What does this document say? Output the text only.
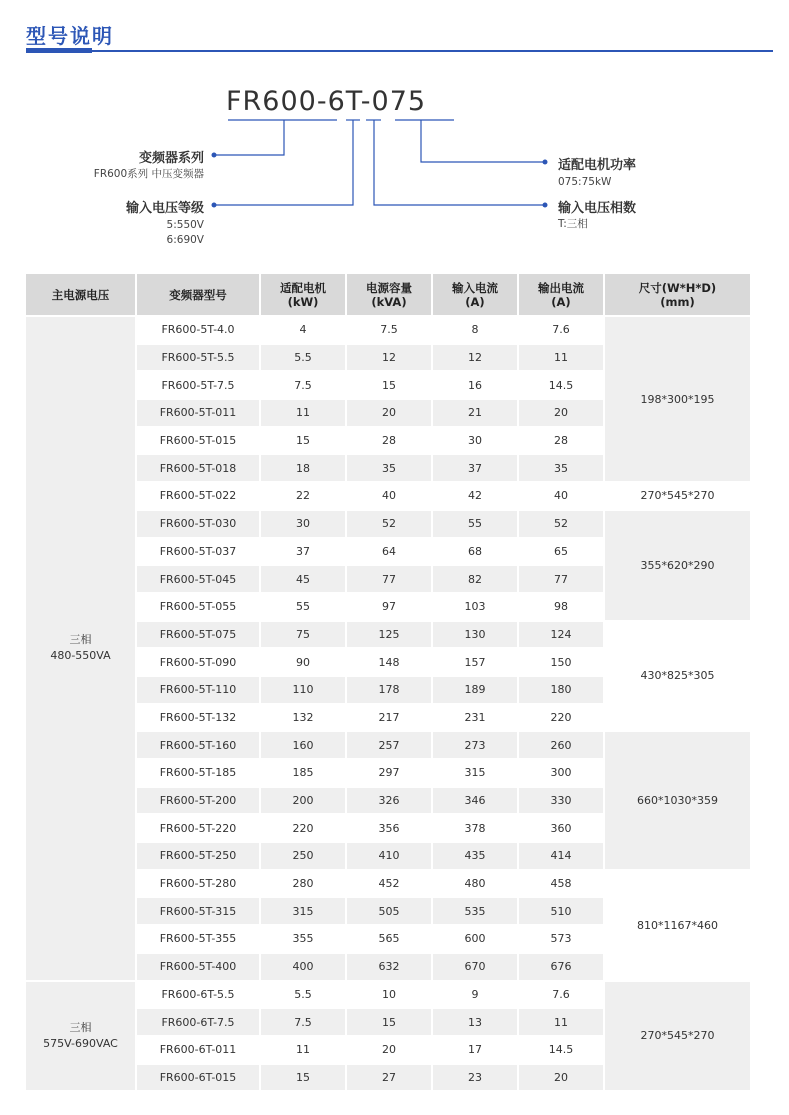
型号说明
FR600-6T-075
变频器系列
FR600系列 中压变频器
输入电压等级
5:550V
6:690V
适配电机功率
075:75kW
输入电压相数
T:三相
主电源电压	变频器型号	适配电机
(kW)	电源容量
(kVA)	输入电流
(A)	输出电流
(A)	尺寸(W*H*D)
(mm)
三相
480-550VA	FR600-5T-4.0	4	7.5	8	7.6	198*300*195
	FR600-5T-5.5	5.5	12	12	11	
	FR600-5T-7.5	7.5	15	16	14.5	
	FR600-5T-011	11	20	21	20	
	FR600-5T-015	15	28	30	28	
	FR600-5T-018	18	35	37	35	
	FR600-5T-022	22	40	42	40	270*545*270
	FR600-5T-030	30	52	55	52	355*620*290
	FR600-5T-037	37	64	68	65	
	FR600-5T-045	45	77	82	77	
	FR600-5T-055	55	97	103	98	
	FR600-5T-075	75	125	130	124	430*825*305
	FR600-5T-090	90	148	157	150	
	FR600-5T-110	110	178	189	180	
	FR600-5T-132	132	217	231	220	
	FR600-5T-160	160	257	273	260	660*1030*359
	FR600-5T-185	185	297	315	300	
	FR600-5T-200	200	326	346	330	
	FR600-5T-220	220	356	378	360	
	FR600-5T-250	250	410	435	414	
	FR600-5T-280	280	452	480	458	810*1167*460
	FR600-5T-315	315	505	535	510	
	FR600-5T-355	355	565	600	573	
	FR600-5T-400	400	632	670	676	
三相
575V-690VAC	FR600-6T-5.5	5.5	10	9	7.6	270*545*270
	FR600-6T-7.5	7.5	15	13	11	
	FR600-6T-011	11	20	17	14.5	
	FR600-6T-015	15	27	23	20	
